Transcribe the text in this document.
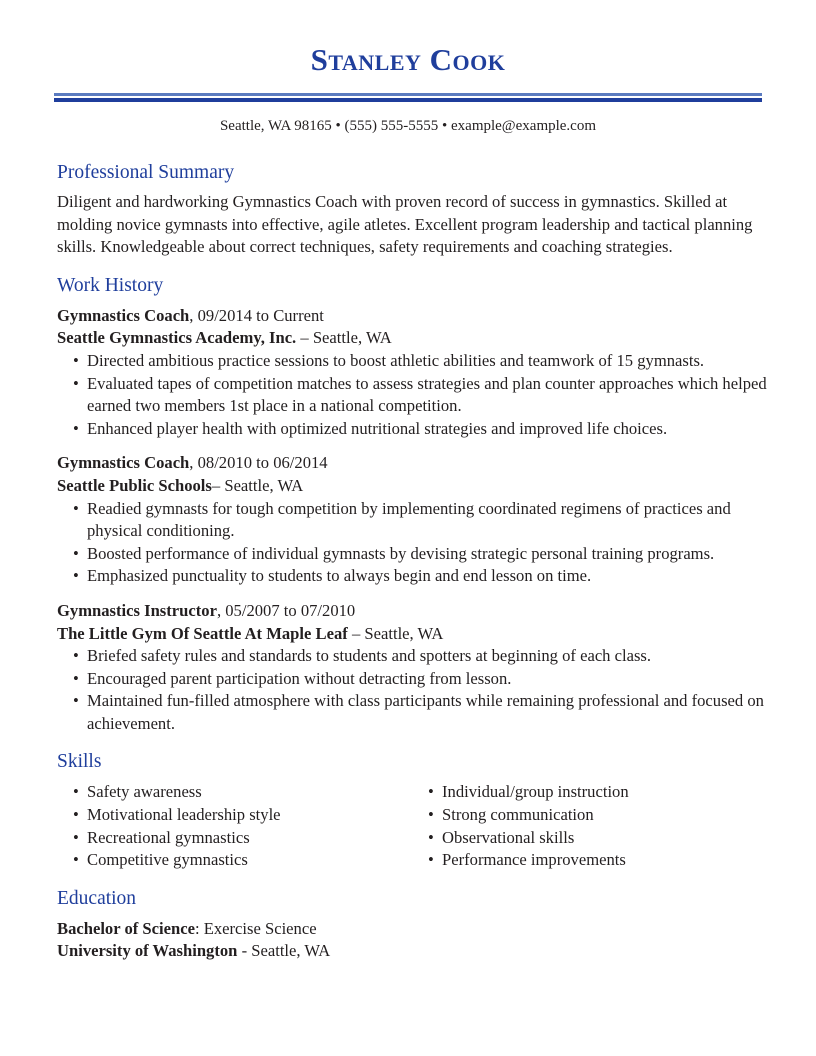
Stanley Cook
Seattle, WA 98165 • (555) 555-5555 • example@example.com
Professional Summary

Diligent and hardworking Gymnastics Coach with proven record of success in gymnastics. Skilled at molding novice gymnasts into effective, agile atletes. Excellent program leadership and tactical planning skills. Knowledgeable about correct techniques, safety requirements and coaching strategies.

Work History

Gymnastics Coach, 09/2014 to Current

Seattle Gymnastics Academy, Inc. – Seattle, WA

• Directed ambitious practice sessions to boost athletic abilities and teamwork of 15 gymnasts.
• Evaluated tapes of competition matches to assess strategies and plan counter approaches which helped earned two members 1st place in a national competition.
• Enhanced player health with optimized nutritional strategies and improved life choices.

Gymnastics Coach, 08/2010 to 06/2014

Seattle Public Schools– Seattle, WA

• Readied gymnasts for tough competition by implementing coordinated regimens of practices and physical conditioning.
• Boosted performance of individual gymnasts by devising strategic personal training programs.
• Emphasized punctuality to students to always begin and end lesson on time.

Gymnastics Instructor, 05/2007 to 07/2010

The Little Gym Of Seattle At Maple Leaf – Seattle, WA

• Briefed safety rules and standards to students and spotters at beginning of each class.
• Encouraged parent participation without detracting from lesson.
• Maintained fun-filled atmosphere with class participants while remaining professional and focused on achievement.
Skills
• Safety awareness
• Motivational leadership style
• Recreational gymnastics
• Competitive gymnastics
• Individual/group instruction
• Strong communication
• Observational skills
• Performance improvements
Education

Bachelor of Science: Exercise Science

University of Washington - Seattle, WA
